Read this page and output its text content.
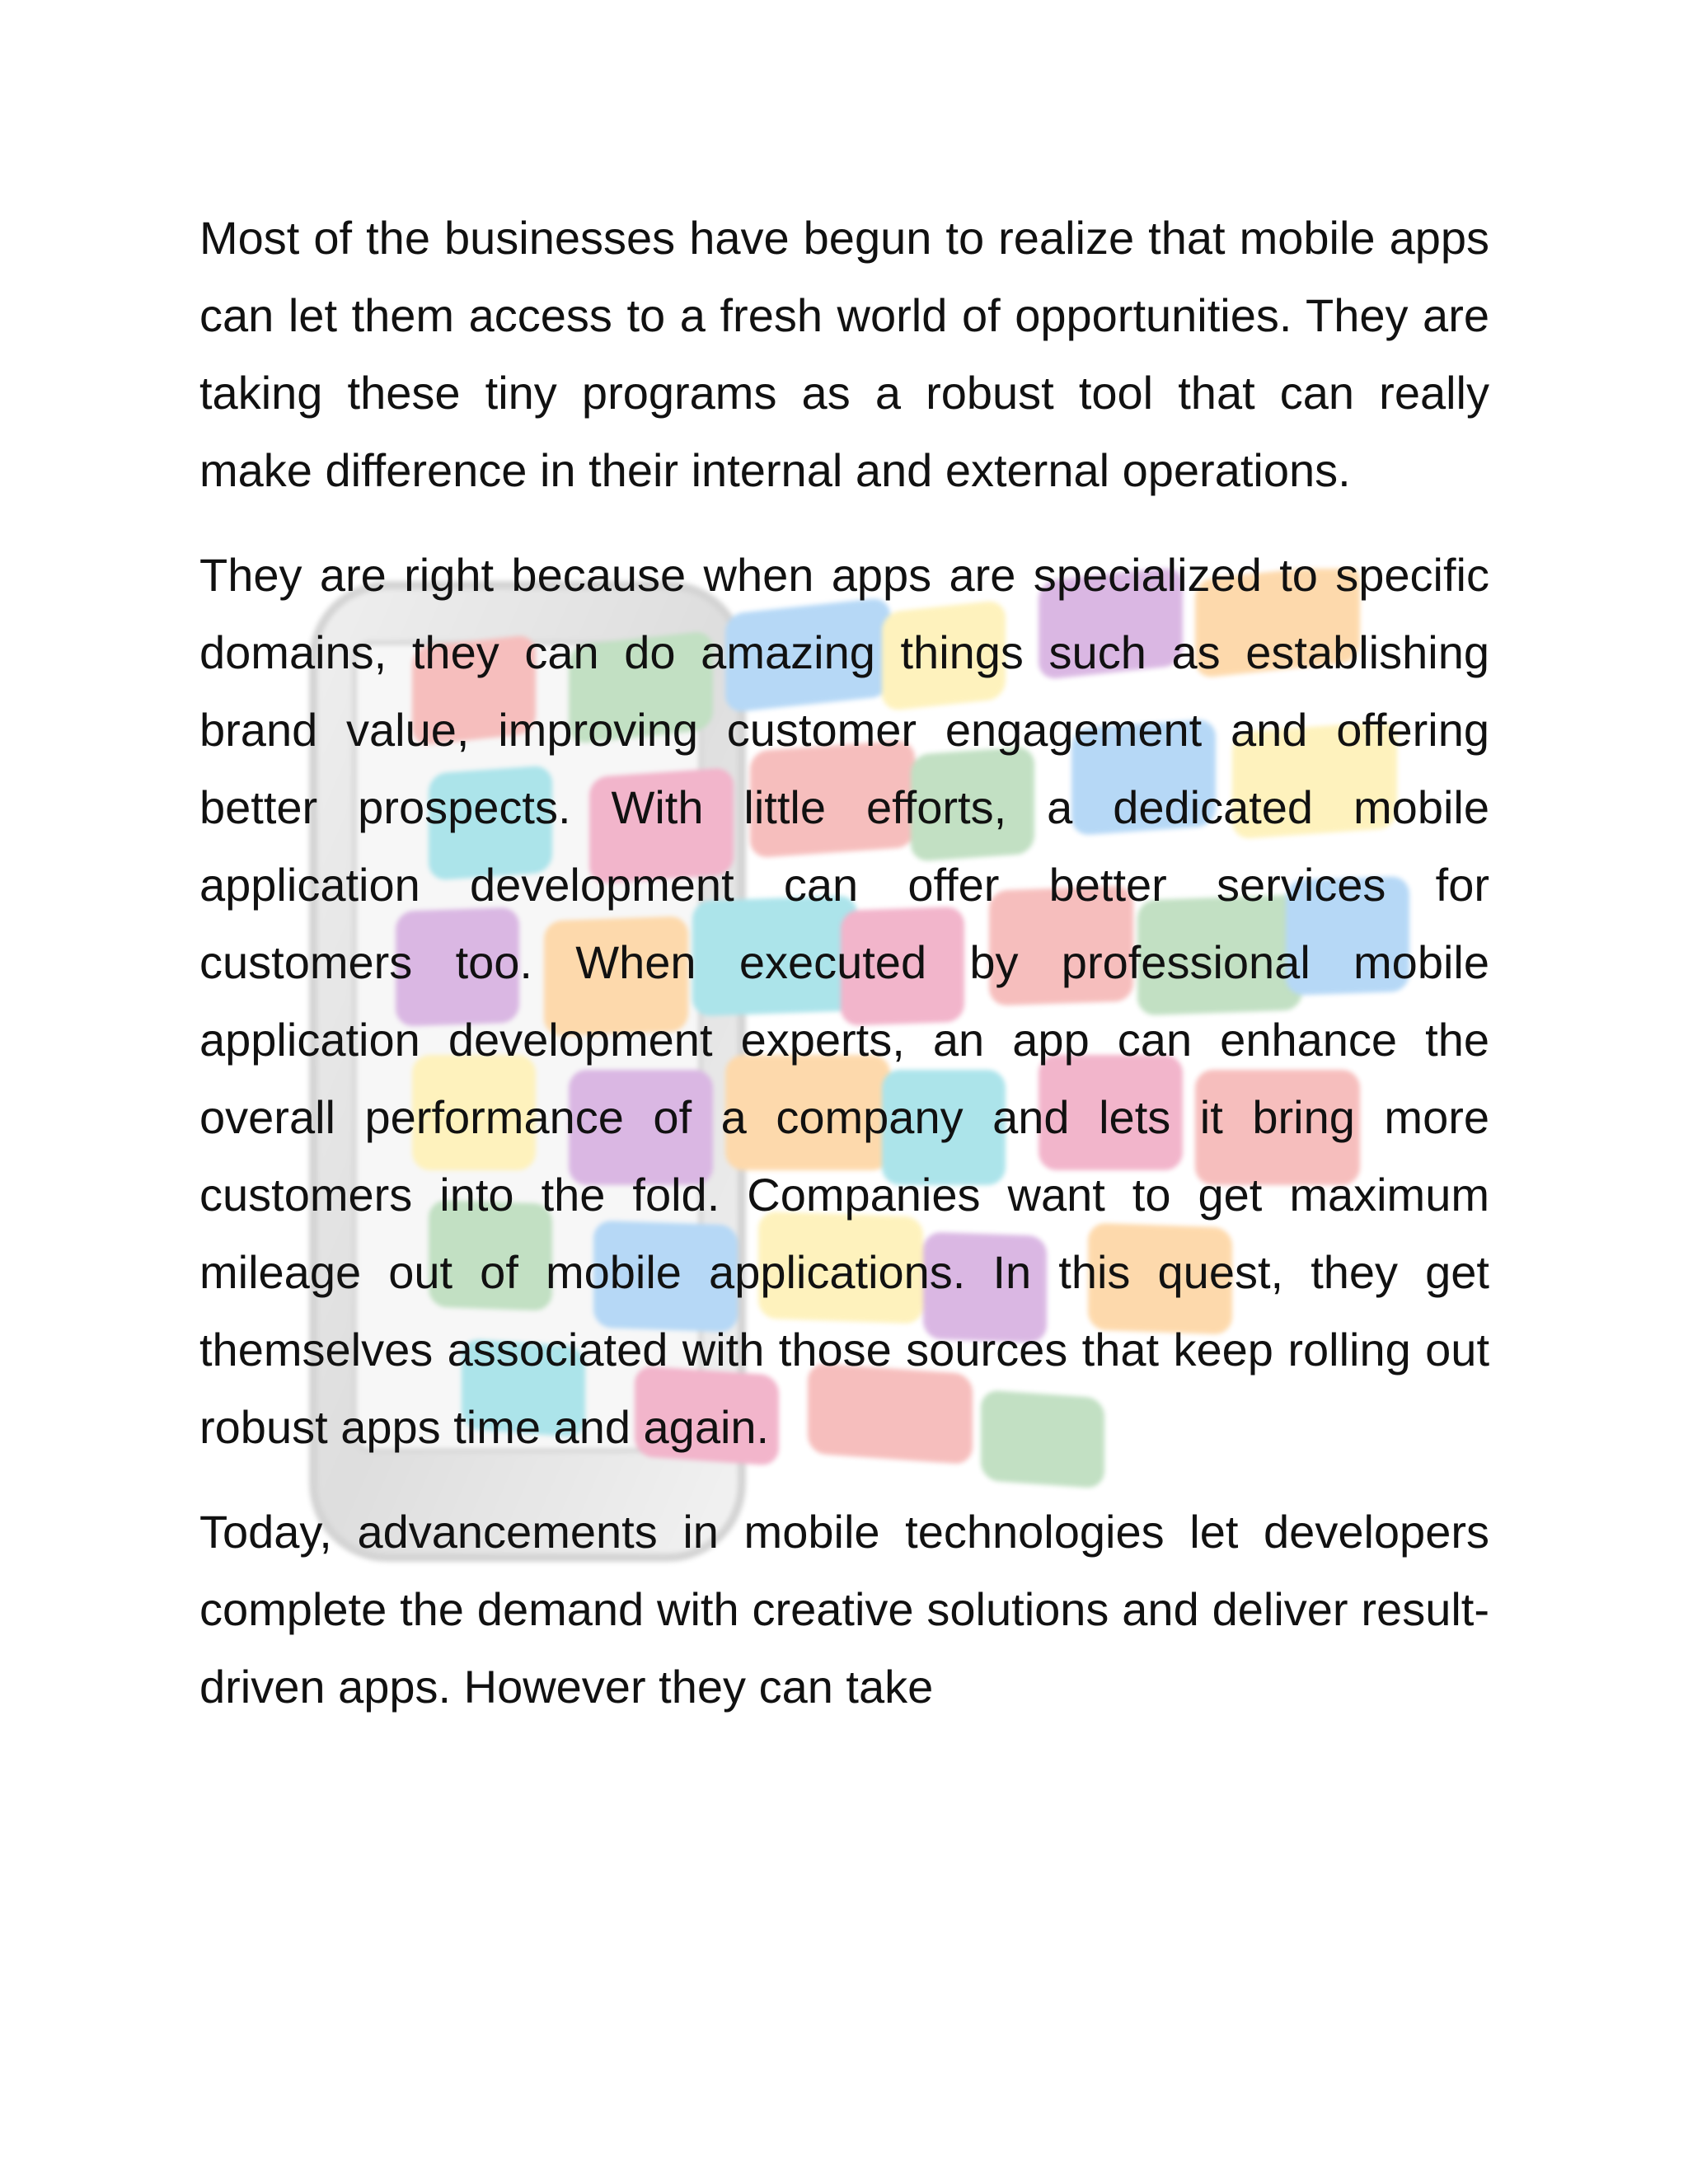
Most of the businesses have begun to realize that mobile apps can let them access to a fresh world of opportunities. They are taking these tiny programs as a robust tool that can really make difference in their internal and external operations.

They are right because when apps are specialized to specific domains, they can do amazing things such as establishing brand value, improving customer engagement and offering better prospects. With little efforts, a dedicated mobile application development can offer better services for customers too. When executed by professional mobile application development experts, an app can enhance the overall performance of a company and lets it bring more customers into the fold. Companies want to get maximum mileage out of mobile applications. In this quest, they get themselves associated with those sources that keep rolling out robust apps time and again.

Today, advancements in mobile technologies let developers complete the demand with creative solutions and deliver result-driven apps. However they can take
